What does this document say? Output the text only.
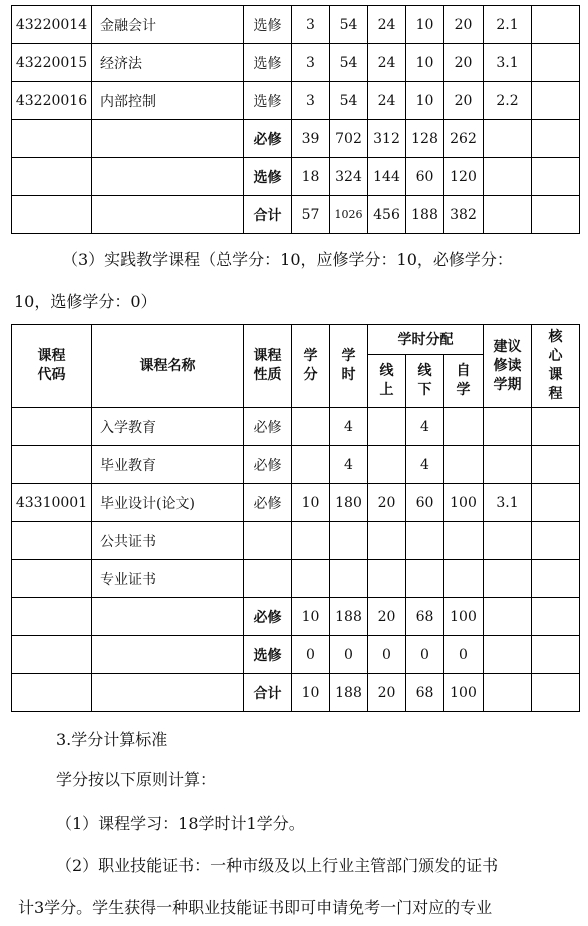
43220014	金融会计	选修	3	54	24	10	20	2.1	
43220015	经济法	选修	3	54	24	10	20	3.1	
43220016	内部控制	选修	3	54	24	10	20	2.2	
		必修	39	702	312	128	262		
		选修	18	324	144	60	120		
		合计	57	1026	456	188	382		
（3）实践教学课程（总学分：10，应修学分：10，必修学分：
10，选修学分：0）
课程代码	课程名称	课程性质	学分	学时	学时分配			建议修读学期	核心课程
					线上	线下	自学		
	入学教育	必修		4		4			
	毕业教育	必修		4		4			
43310001	毕业设计(论文)	必修	10	180	20	60	100	3.1	
	公共证书								
	专业证书								
		必修	10	188	20	68	100		
		选修	0	0	0	0	0		
		合计	10	188	20	68	100		
3.学分计算标准
学分按以下原则计算：
（1）课程学习：18学时计1学分。
（2）职业技能证书：一种市级及以上行业主管部门颁发的证书
计3学分。学生获得一种职业技能证书即可申请免考一门对应的专业
